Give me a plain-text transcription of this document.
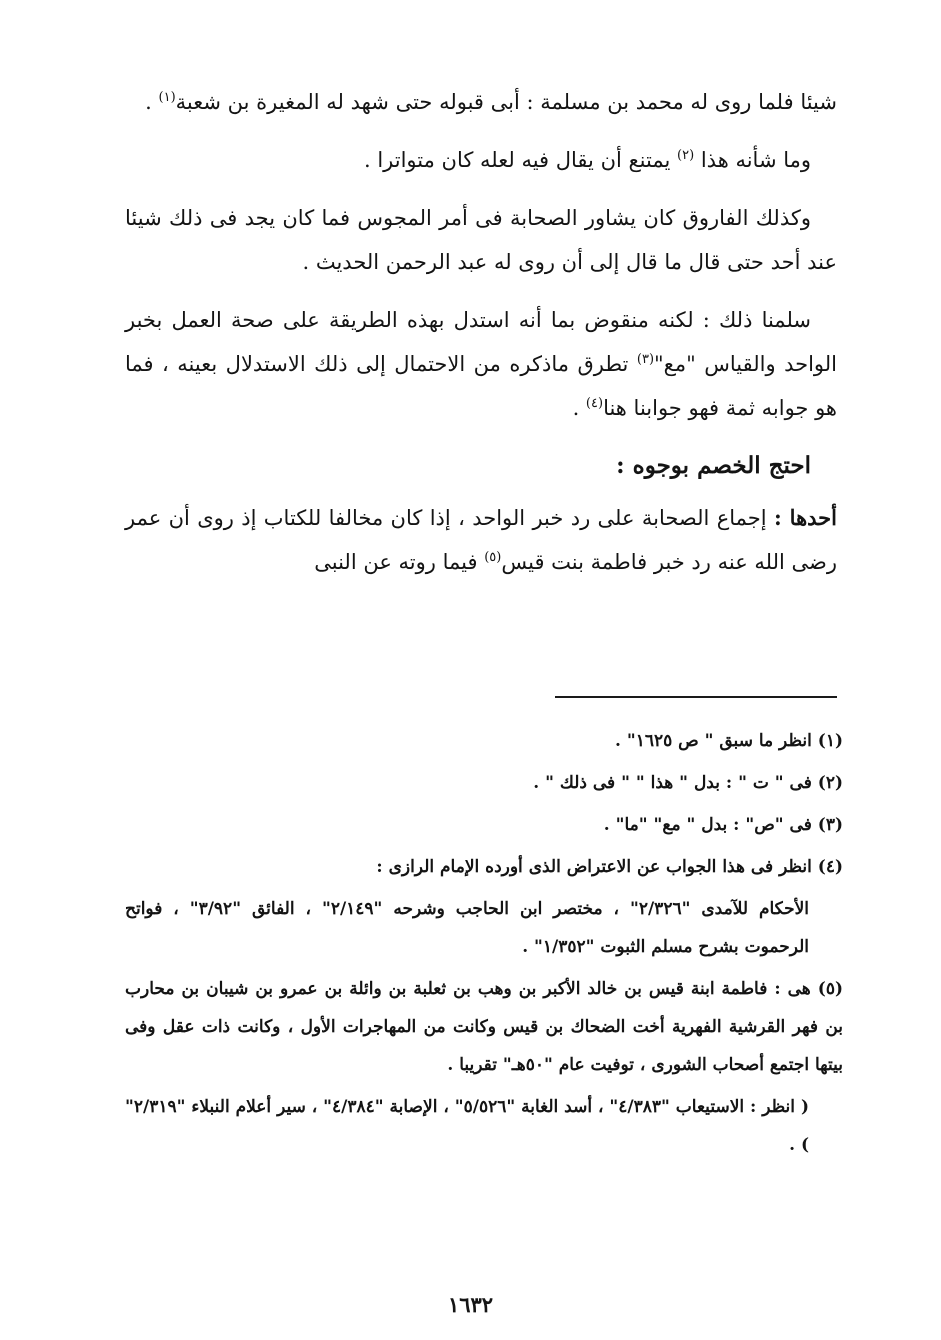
شيئا فلما روى له محمد بن مسلمة : أبى قبوله حتى شهد له المغيرة بن شعبة$^{(١)}$ .

وما شأنه هذا $^{(٢)}$ يمتنع أن يقال فيه لعله كان متواترا .

وكذلك الفاروق كان يشاور الصحابة فى أمر المجوس فما كان يجد فى ذلك شيئا عند أحد حتى قال ما قال إلى أن روى له عبد الرحمن الحديث .

سلمنا ذلك : لكنه منقوض بما أنه استدل بهذه الطريقة على صحة العمل بخبر الواحد والقياس "مع"$^{(٣)}$ تطرق ماذكره من الاحتمال إلى ذلك الاستدلال بعينه ، فما هو جوابه ثمة فهو جوابنا هنا$^{(٤)}$ .

احتج الخصم بوجوه :

أحدها : إجماع الصحابة على رد خبر الواحد ، إذا كان مخالفا للكتاب إذ روى أن عمر رضى الله عنه رد خبر فاطمة بنت قيس$^{(٥)}$ فيما روته عن النبى

(١) انظر ما سبق " ص ١٦٢٥" .

(٢) فى " ت " : بدل " هذا " " فى ذلك " .

(٣) فى "ص" : بدل " مع" "ما" .

(٤) انظر فى هذا الجواب عن الاعتراض الذى أورده الإمام الرازى :

الأحكام للآمدى "٢/٣٢٦" ، مختصر ابن الحاجب وشرحه "٢/١٤٩" ، الفائق "٣/٩٢" ، فواتح الرحموت بشرح مسلم الثبوت "١/٣٥٢" .

(٥) هى : فاطمة ابنة قيس بن خالد الأكبر بن وهب بن ثعلبة بن وائلة بن عمرو بن شيبان بن محارب بن فهر القرشية الفهرية أخت الضحاك بن قيس وكانت من المهاجرات الأول ، وكانت ذات عقل وفى بيتها اجتمع أصحاب الشورى ، توفيت عام "٥٠هـ" تقريبا .

( انظر : الاستيعاب "٤/٣٨٣" ، أسد الغابة "٥/٥٢٦" ، الإصابة "٤/٣٨٤" ، سير أعلام النبلاء "٢/٣١٩" ) .

١٦٣٢
